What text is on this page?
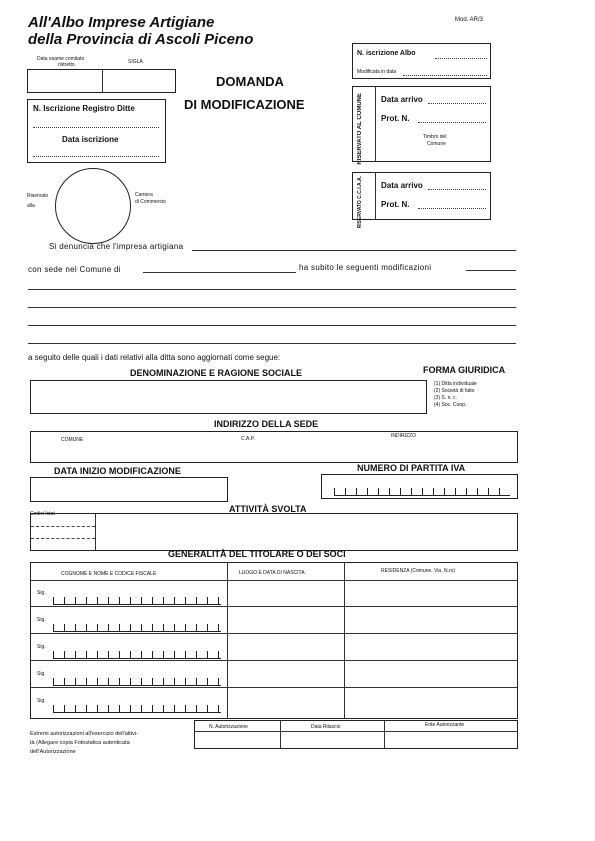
All'Albo Imprese Artigiane
della Provincia di Ascoli Piceno
Mod. AR/3
Data esame comitato
ristretto	SIGLA
DOMANDA
DI MODIFICAZIONE
N. Iscrizione Registro Ditte
Data iscrizione
N. iscrizione Albo
Modificata in data
RISERVATO AL COMUNE Data arrivo
Prot. N.
Timbro del
Comune
RISERVATO C.C.I.A.A. Data arrivo
Prot. N.
Riservato
alla
Camera
di Commercio
Si denuncia che l'impresa artigiana
con sede nel Comune di	ha subito le seguenti modificazioni
a seguito delle quali i dati relativi alla ditta sono aggiornati come segue:
DENOMINAZIONE E RAGIONE SOCIALE	FORMA GIURIDICA
(1) Ditta individuale
(2) Società di fatto
(3) S. n. c.
(4) Soc. Coop.
INDIRIZZO DELLA SEDE
COMUNE	C.A.P.	INDIRIZZO
DATA INIZIO MODIFICAZIONE	NUMERO DI PARTITA IVA
Codici Istat	ATTIVITÀ SVOLTA
GENERALITÀ DEL TITOLARE O DEI SOCI
COGNOME E NOME E CODICE FISCALE	LUOGO E DATA DI NASCITA	RESIDENZA (Comune, Via, N.ro)
Sig.
Sig.
Sig.
Sig.
Sig.
Estremi autorizzazioni all'esercizio dell'attivi-
tà (Allegare copia Fotostatica autenticata
dell'Autorizzazione
N. Autorizzazione	Data Rilascio	Ente Autorizzante
